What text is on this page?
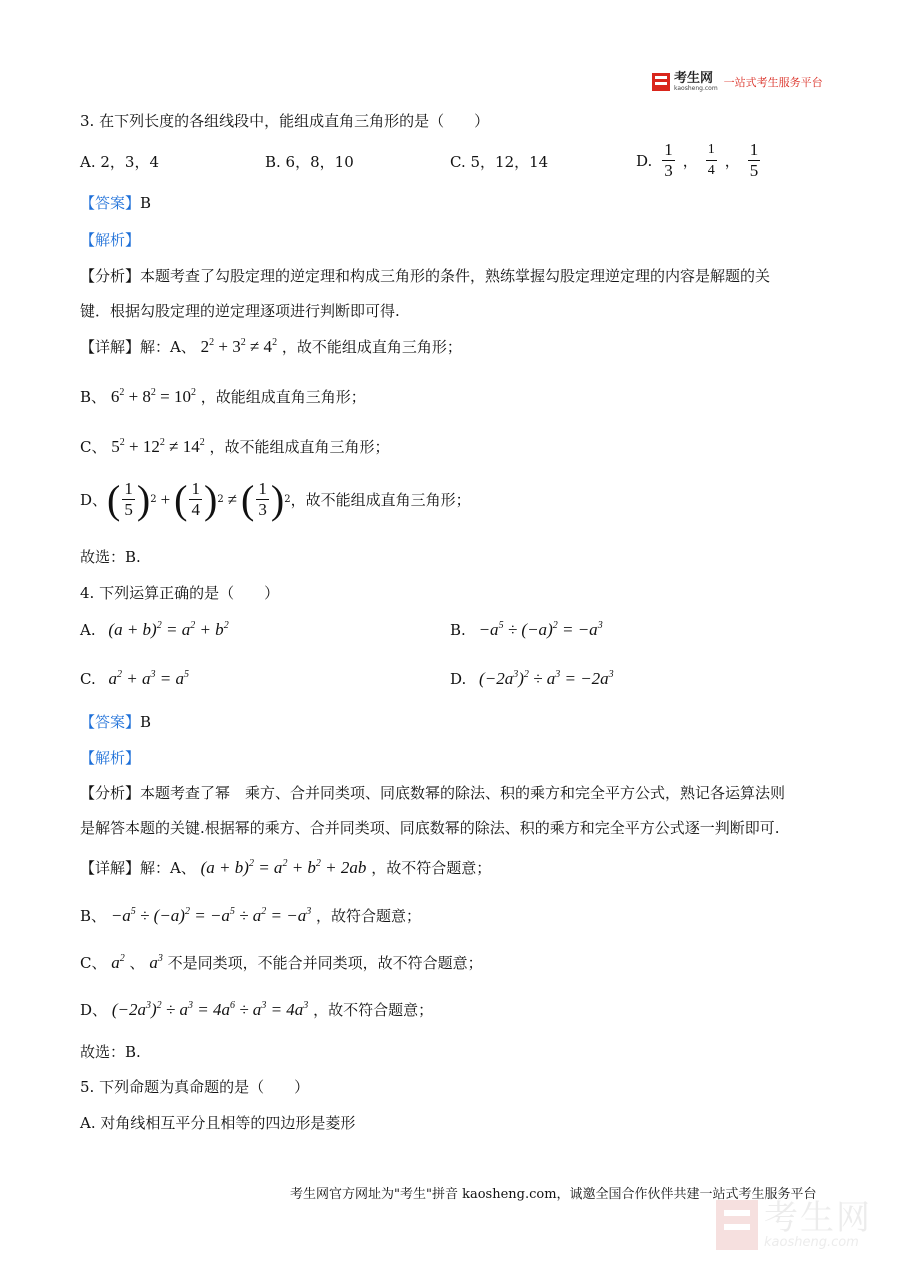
考生网
kaosheng.com 一站式考生服务平台
3. 在下列长度的各组线段中，能组成直角三角形的是（　　）
A. 2，3，4	B. 6，8，10	C. 5，12，14	D. $\frac{1}{3}$ ， $\frac{1}{4}$ ， $\frac{1}{5}$
【答案】B
【解析】
【分析】本题考查了勾股定理的逆定理和构成三角形的条件，熟练掌握勾股定理逆定理的内容是解题的关
键．根据勾股定理的逆定理逐项进行判断即可得.
【详解】解：A、 $2^2 + 3^2 \ne 4^2$ ，故不能组成直角三角形；
B、 $6^2 + 8^2 = 10^2$ ，故能组成直角三角形；
C、 $5^2 + 12^2 \ne 14^2$ ，故不能组成直角三角形；
D、 ( $\frac{1}{5}$ ) 2 + ( $\frac{1}{4}$ ) 2 ≠ ( $\frac{1}{3}$ ) 2 ，故不能组成直角三角形；
故选：B.
4. 下列运算正确的是（　　）
A. $(a + b)^2 = a^2 + b^2$	B. $-a^5 \div (-a)^2 = -a^3$
C. $a^2 + a^3 = a^5$	D. $(-2a^3)^2 \div a^3 = -2a^3$
【答案】B
【解析】
【分析】本题考查了幂　乘方、合并同类项、同底数幂的除法、积的乘方和完全平方公式，熟记各运算法则
是解答本题的关键.根据幂的乘方、合并同类项、同底数幂的除法、积的乘方和完全平方公式逐一判断即可.
【详解】解：A、 $(a + b)^2 = a^2 + b^2 + 2ab$ ，故不符合题意；
B、 $-a^5 \div (-a)^2 = -a^5 \div a^2 = -a^3$ ，故符合题意；
C、 $a^2$ 、 $a^3$ 不是同类项，不能合并同类项，故不符合题意；
D、 $(-2a^3)^2 \div a^3 = 4a^6 \div a^3 = 4a^3$ ，故不符合题意；
故选：B.
5. 下列命题为真命题的是（　　）
A. 对角线相互平分且相等的四边形是菱形
考生网官方网址为"考生"拼音 kaosheng.com，诚邀全国合作伙伴共建一站式考生服务平台
考生网
kaosheng.com
